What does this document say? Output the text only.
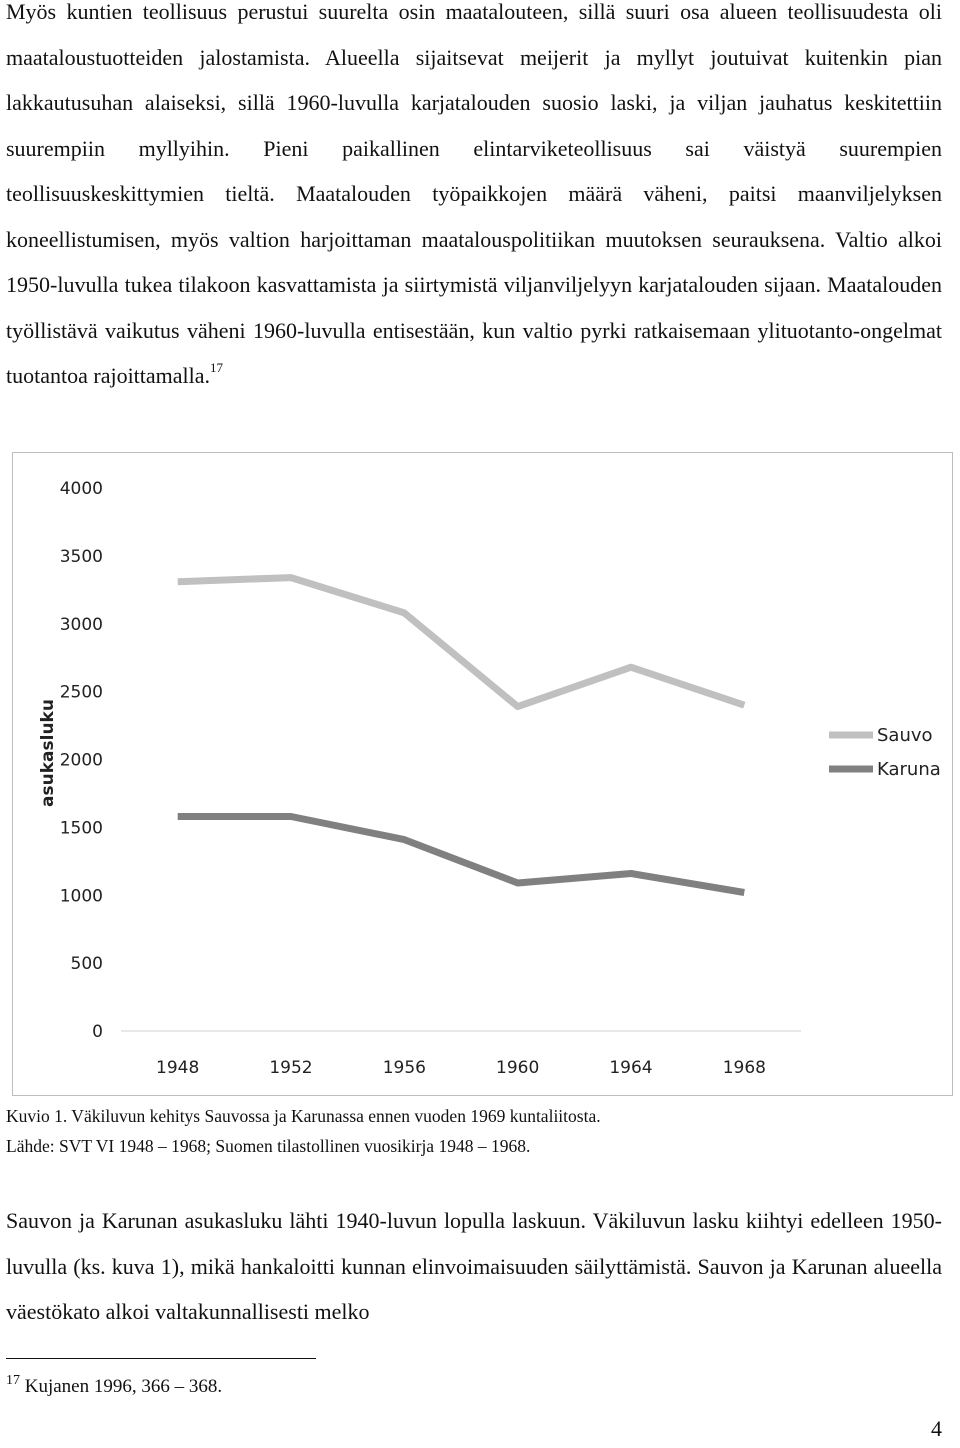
Myös kuntien teollisuus perustui suurelta osin maatalouteen, sillä suuri osa alueen teollisuudesta oli maataloustuotteiden jalostamista. Alueella sijaitsevat meijerit ja myllyt joutuivat kuitenkin pian lakkautusuhan alaiseksi, sillä 1960-luvulla karjatalouden suosio laski, ja viljan jauhatus keskitettiin suurempiin myllyihin. Pieni paikallinen elintarviketeollisuus sai väistyä suurempien teollisuuskeskittymien tieltä. Maatalouden työpaikkojen määrä väheni, paitsi maanviljelyksen koneellistumisen, myös valtion harjoittaman maatalouspolitiikan muutoksen seurauksena. Valtio alkoi 1950-luvulla tukea tilakoon kasvattamista ja siirtymistä viljanviljelyyn karjatalouden sijaan. Maatalouden työllistävä vaikutus väheni 1960-luvulla entisestään, kun valtio pyrki ratkaisemaan ylituotanto-ongelmat tuotantoa rajoittamalla.$^{17}$

0
500
1000
1500
2000
2500
3000
3500
4000
1948	1952	1956	1960	1964	1968
asukasluku	Sauvo
Karuna

Kuvio 1. Väkiluvun kehitys Sauvossa ja Karunassa ennen vuoden 1969 kuntaliitosta.

Lähde: SVT VI 1948 – 1968; Suomen tilastollinen vuosikirja 1948 – 1968.

Sauvon ja Karunan asukasluku lähti 1940-luvun lopulla laskuun. Väkiluvun lasku kiihtyi edelleen 1950-luvulla (ks. kuva 1), mikä hankaloitti kunnan elinvoimaisuuden säilyttämistä. Sauvon ja Karunan alueella väestökato alkoi valtakunnallisesti melko

$^{17}$ Kujanen 1996, 366 – 368.

4
